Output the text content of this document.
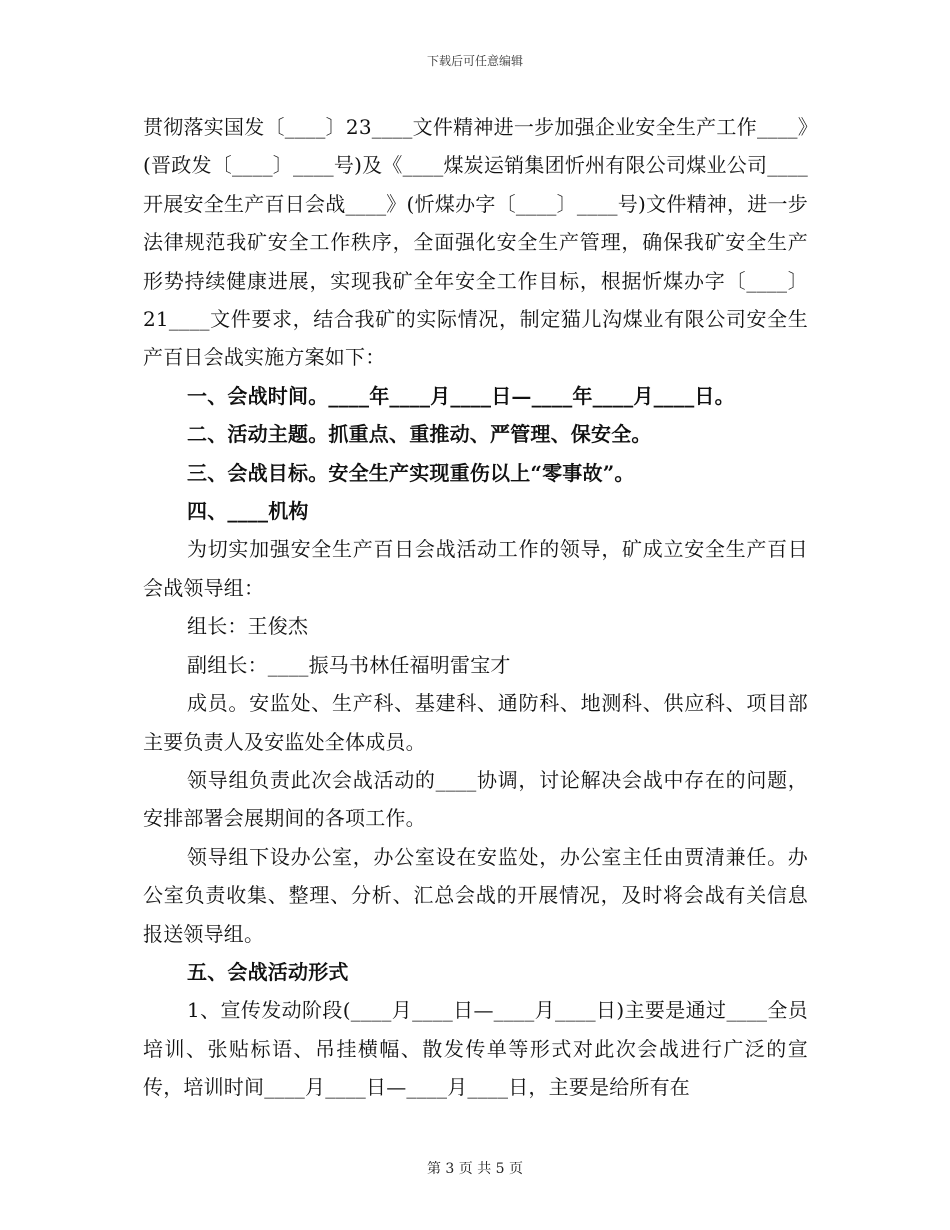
下载后可任意编辑

贯彻落实国发〔____〕23____文件精神进一步加强企业安全生产工作____》(晋政发〔____〕____号)及《____煤炭运销集团忻州有限公司煤业公司____开展安全生产百日会战____》(忻煤办字〔____〕____号)文件精神，进一步法律规范我矿安全工作秩序，全面强化安全生产管理，确保我矿安全生产形势持续健康进展，实现我矿全年安全工作目标，根据忻煤办字〔____〕21____文件要求，结合我矿的实际情况，制定猫儿沟煤业有限公司安全生产百日会战实施方案如下：

一、会战时间。____年____月____日—____年____月____日。

二、活动主题。抓重点、重推动、严管理、保安全。

三、会战目标。安全生产实现重伤以上“零事故”。

四、____机构

为切实加强安全生产百日会战活动工作的领导，矿成立安全生产百日会战领导组：

组长：王俊杰

副组长：____振马书林任福明雷宝才

成员。安监处、生产科、基建科、通防科、地测科、供应科、项目部主要负责人及安监处全体成员。

领导组负责此次会战活动的____协调，讨论解决会战中存在的问题，安排部署会展期间的各项工作。

领导组下设办公室，办公室设在安监处，办公室主任由贾清兼任。办公室负责收集、整理、分析、汇总会战的开展情况，及时将会战有关信息报送领导组。

五、会战活动形式

1、宣传发动阶段(____月____日—____月____日)主要是通过____全员培训、张贴标语、吊挂横幅、散发传单等形式对此次会战进行广泛的宣传，培训时间____月____日—____月____日，主要是给所有在

第 3 页 共 5 页
